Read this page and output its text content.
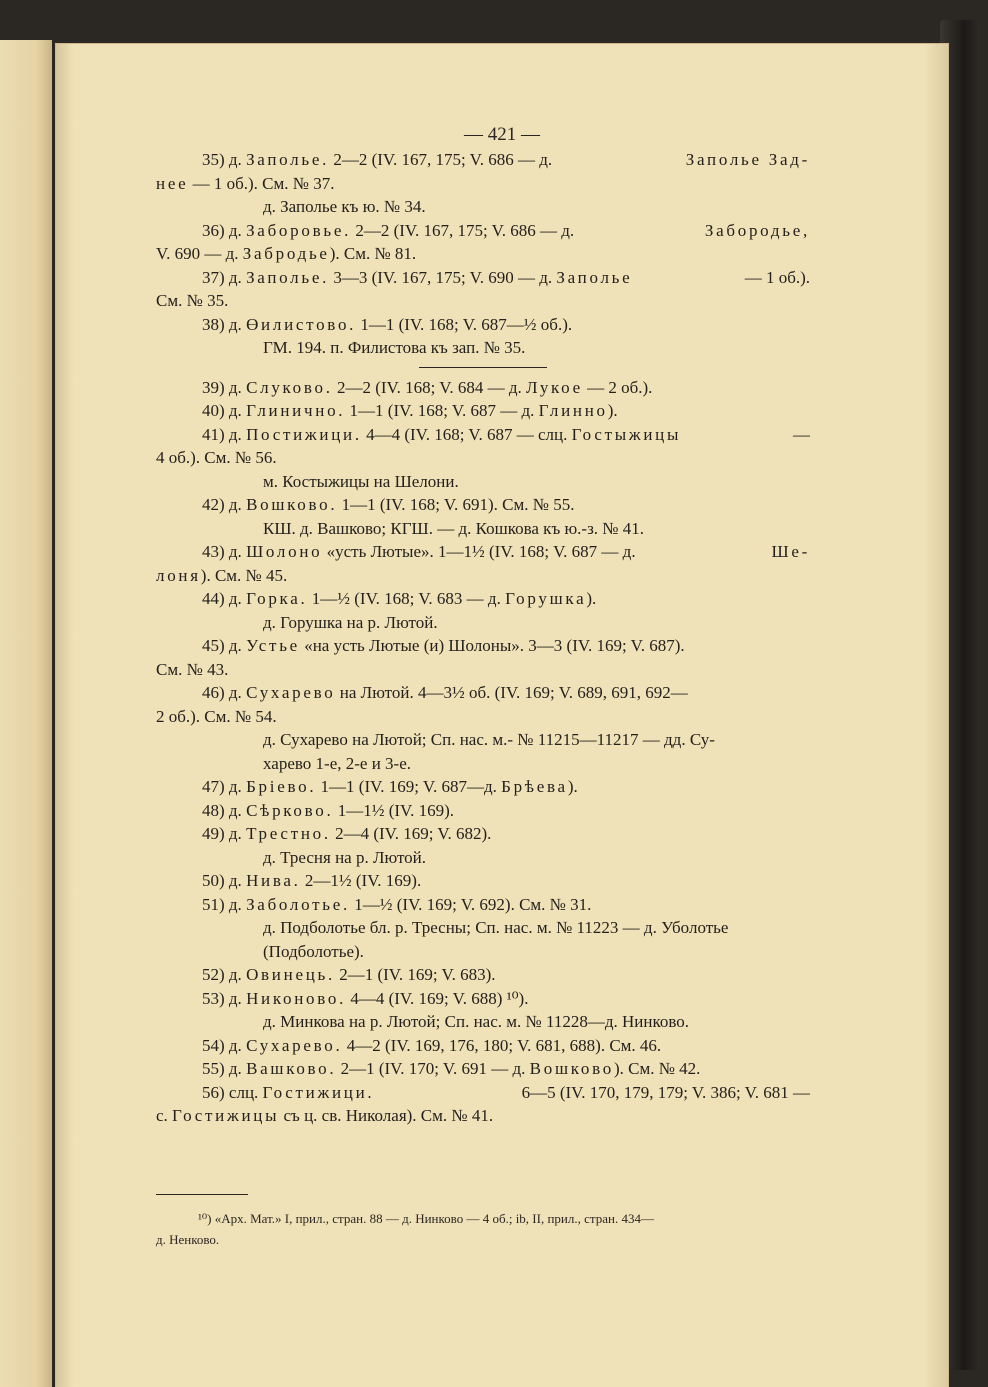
— 421 —
35) д. Заполье. 2—2 (IV. 167, 175; V. 686 — д.	Заполье Зад-
нее — 1 об.). См. № 37.
д. Заполье къ ю. № 34.
36) д. Заборовье. 2—2 (IV. 167, 175; V. 686 — д.	Забородье,
V. 690 — д. Забродье). См. № 81.
37) д. Заполье. 3—3 (IV. 167, 175; V. 690 — д. Заполье	— 1 об.).
См. № 35.
38) д. Өилистово. 1—1 (IV. 168; V. 687—½ об.).
ГМ. 194. п. Филистова къ зап. № 35.
39) д. Слуково. 2—2 (IV. 168; V. 684 — д. Лукое — 2 об.).
40) д. Глинично. 1—1 (IV. 168; V. 687 — д. Глинно).
41) д. Постижици. 4—4 (IV. 168; V. 687 — слц. Гостыжицы	—
4 об.). См. № 56.
м. Костыжицы на Шелони.
42) д. Вошково. 1—1 (IV. 168; V. 691). См. № 55.
КШ. д. Вашково; КГШ. — д. Кошкова къ ю.-з. № 41.
43) д. Шолоно «усть Лютые». 1—1½ (IV. 168; V. 687 — д.	Ше-
лоня). См. № 45.
44) д. Горка. 1—½ (IV. 168; V. 683 — д. Горушка).
д. Горушка на р. Лютой.
45) д. Устье «на усть Лютые (и) Шолоны». 3—3 (IV. 169; V. 687).
См. № 43.
46) д. Сухарево на Лютой. 4—3½ об. (IV. 169; V. 689, 691, 692—
2 об.). См. № 54.
д. Сухарево на Лютой; Сп. нас. м.- № 11215—11217 — дд. Су-
харево 1-е, 2-е и 3-е.
47) д. Бріево. 1—1 (IV. 169; V. 687—д. Брѣева).
48) д. Сѣрково. 1—1½ (IV. 169).
49) д. Трестно. 2—4 (IV. 169; V. 682).
д. Тресня на р. Лютой.
50) д. Нива. 2—1½ (IV. 169).
51) д. Заболотье. 1—½ (IV. 169; V. 692). См. № 31.
д. Подболотье бл. р. Тресны; Сп. нас. м. № 11223 — д. Уболотье
(Подболотье).
52) д. Овинець. 2—1 (IV. 169; V. 683).
53) д. Никоново. 4—4 (IV. 169; V. 688) ¹⁰).
д. Минкова на р. Лютой; Сп. нас. м. № 11228—д. Нинково.
54) д. Сухарево. 4—2 (IV. 169, 176, 180; V. 681, 688). См. 46.
55) д. Вашково. 2—1 (IV. 170; V. 691 — д. Вошково). См. № 42.
56) слц. Гостижици.	6—5 (IV. 170, 179, 179; V. 386; V. 681 —
с. Гостижицы съ ц. св. Николая). См. № 41.
¹⁰) «Арх. Мат.» I, прил., стран. 88 — д. Нинково — 4 об.; ib, II, прил., стран. 434—
д. Ненково.
